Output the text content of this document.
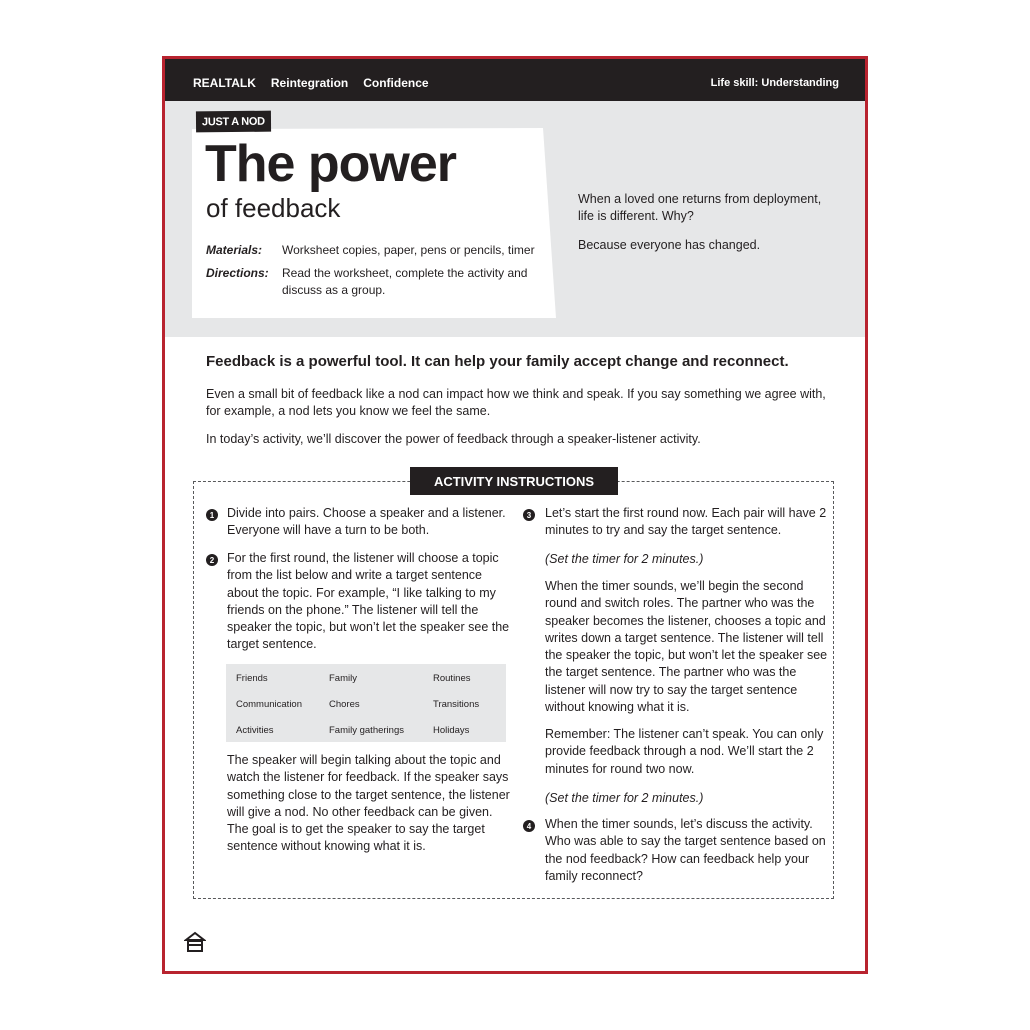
REALTALK Reintegration Confidence	Life skill: Understanding
JUST A NOD
The power
of feedback
Materials:	Worksheet copies, paper, pens or pencils, timer
Directions:	Read the worksheet, complete the activity and discuss as a group.

When a loved one returns from deployment, life is different. Why?

Because everyone has changed.

Feedback is a powerful tool. It can help your family accept change and reconnect.
Even a small bit of feedback like a nod can impact how we think and speak. If you say something we agree with, for example, a nod lets you know we feel the same.
In today’s activity, we’ll discover the power of feedback through a speaker-listener activity.
ACTIVITY INSTRUCTIONS
1	Divide into pairs. Choose a speaker and a listener. Everyone will have a turn to be both.
2	For the first round, the listener will choose a topic from the list below and write a target sentence about the topic. For example, “I like talking to my friends on the phone.” The listener will tell the speaker the topic, but won’t let the speaker see the target sentence.
Friends	Family	Routines
Communication	Chores	Transitions
Activities	Family gatherings	Holidays
The speaker will begin talking about the topic and watch the listener for feedback. If the speaker says something close to the target sentence, the listener will give a nod. No other feedback can be given. The goal is to get the speaker to say the target sentence without knowing what it is.
3	Let’s start the first round now. Each pair will have 2 minutes to try and say the target sentence.
(Set the timer for 2 minutes.)
When the timer sounds, we’ll begin the second round and switch roles. The partner who was the speaker becomes the listener, chooses a topic and writes down a target sentence. The listener will tell the speaker the topic, but won’t let the speaker see the target sentence. The partner who was the listener will now try to say the target sentence without knowing what it is.
Remember: The listener can’t speak. You can only provide feedback through a nod. We’ll start the 2 minutes for round two now.
(Set the timer for 2 minutes.)
4	When the timer sounds, let’s discuss the activity. Who was able to say the target sentence based on the nod feedback? How can feedback help your family reconnect?
